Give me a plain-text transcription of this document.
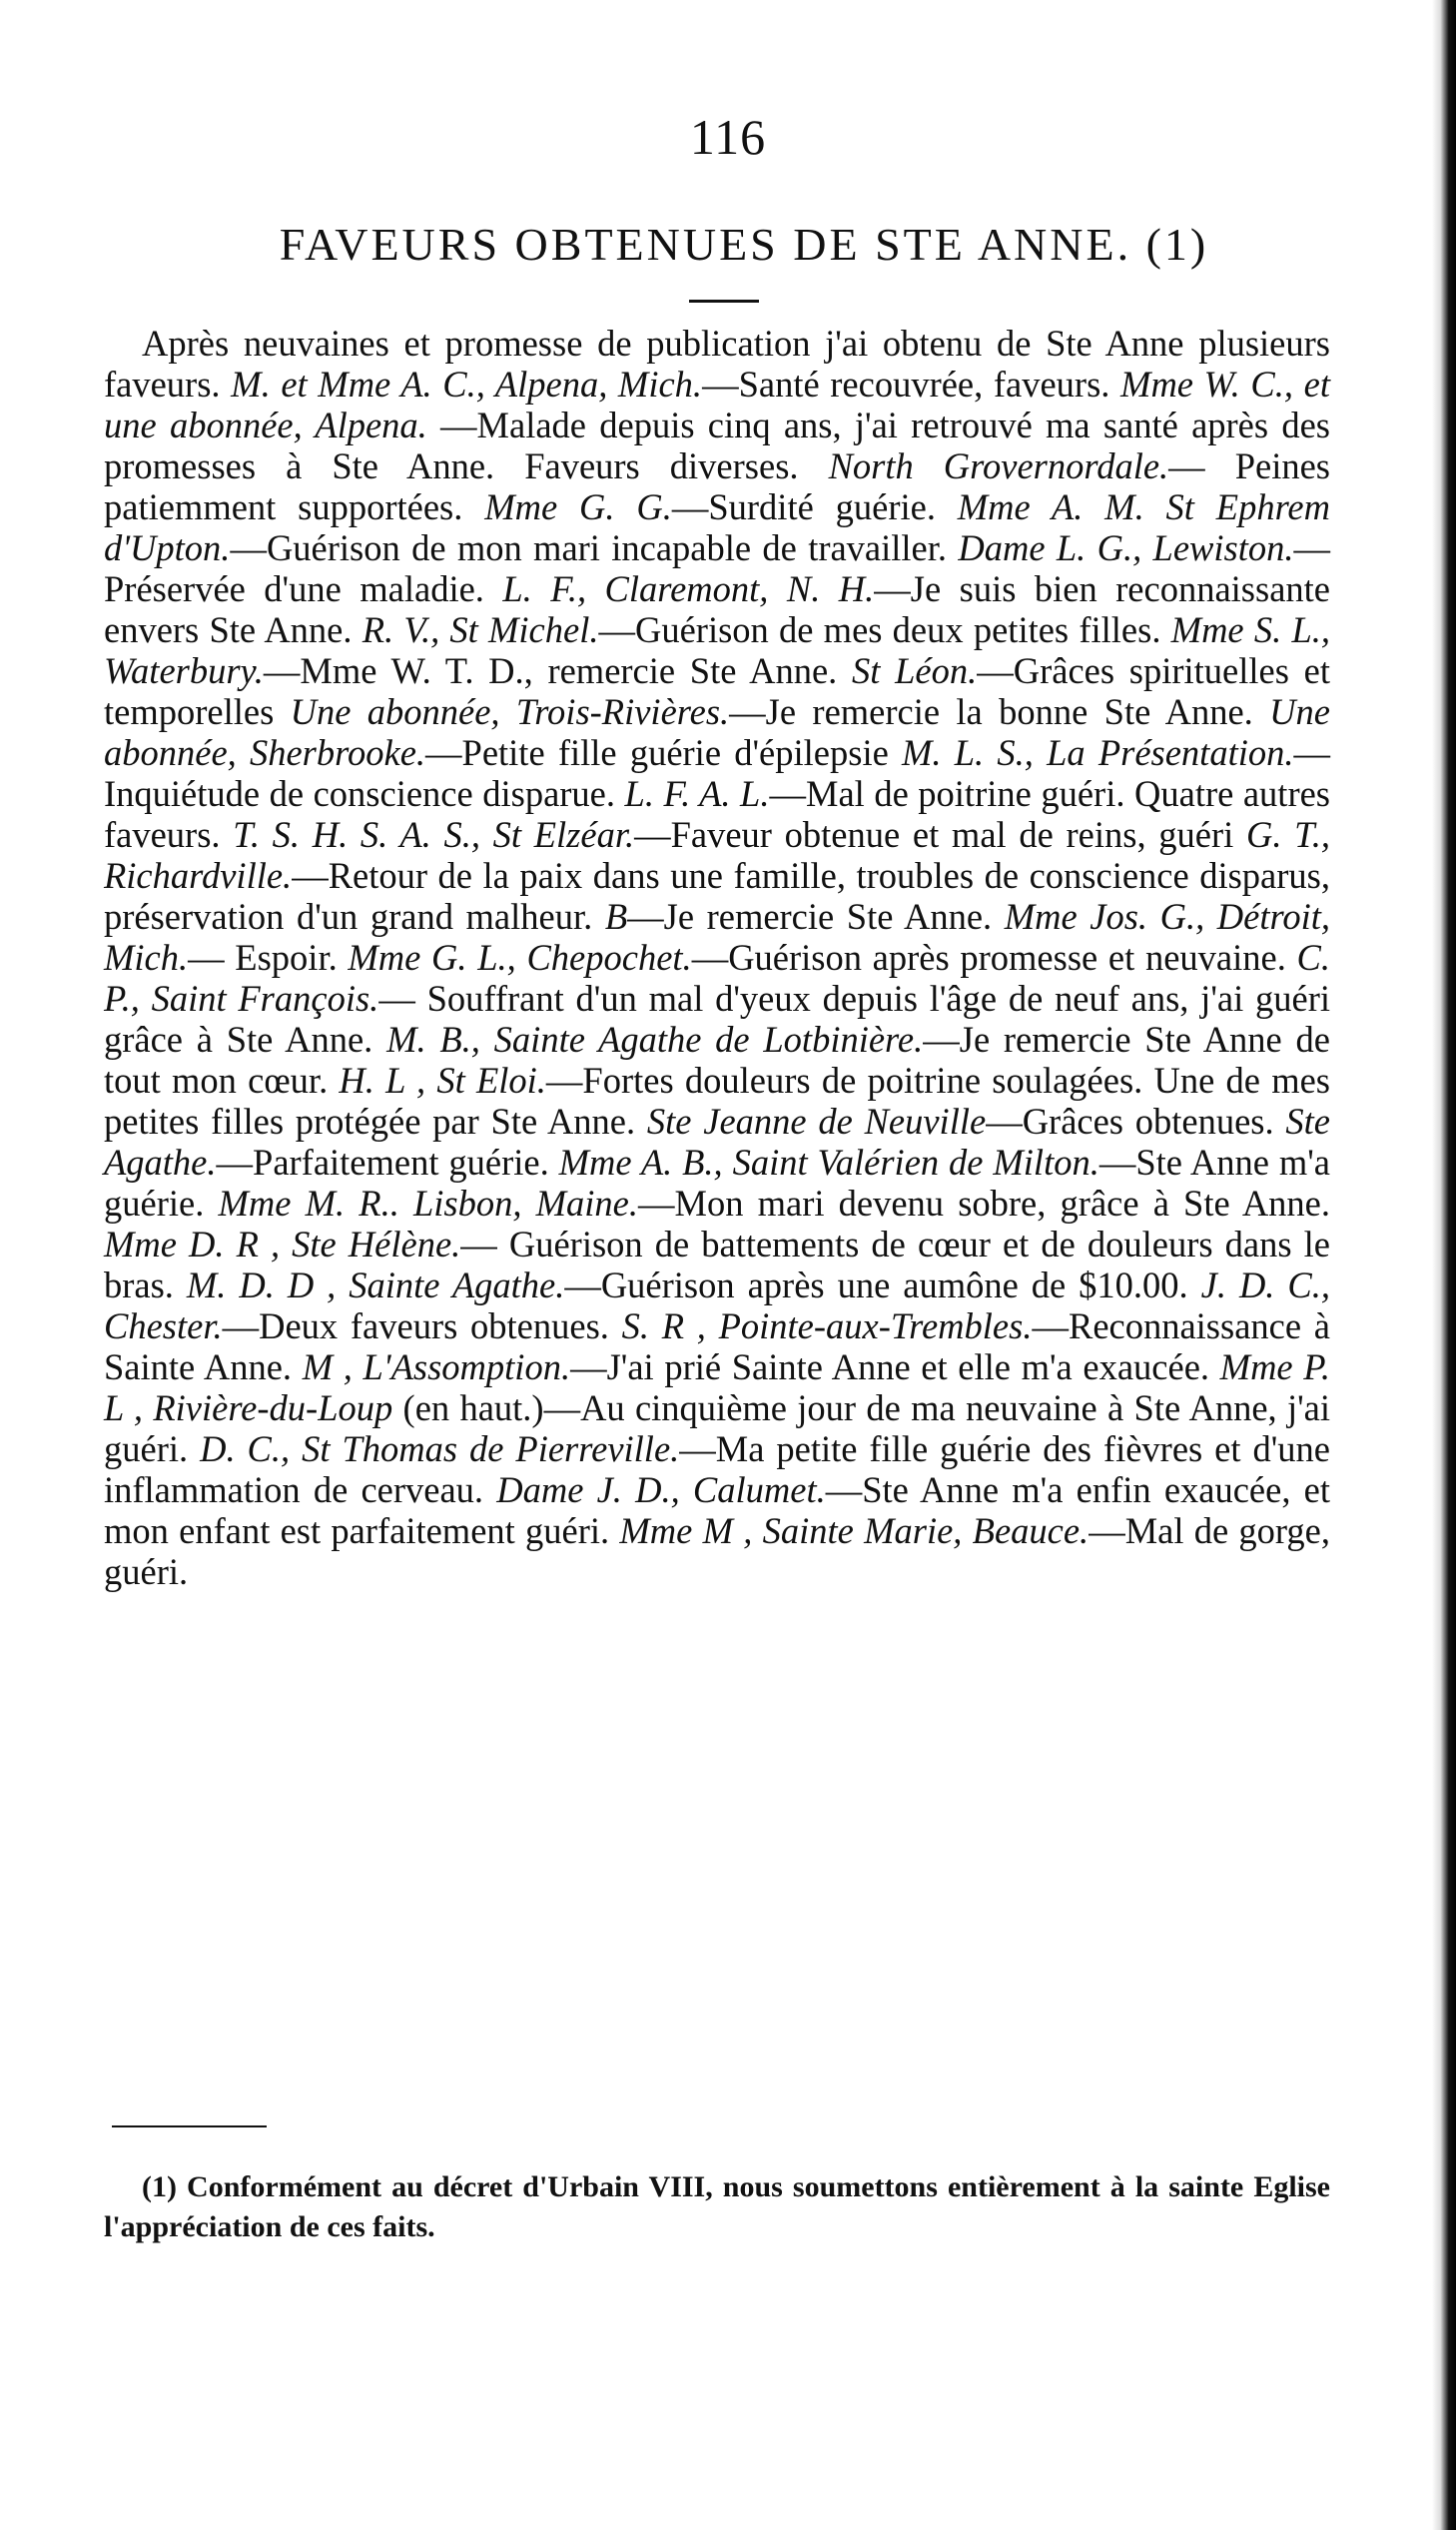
116
FAVEURS OBTENUES DE STE ANNE. (1)

Après neuvaines et promesse de publication j'ai obtenu de Ste Anne plusieurs faveurs. M. et Mme A. C., Alpena, Mich.—Santé recouvrée, faveurs. Mme W. C., et une abonnée, Alpena. —Malade depuis cinq ans, j'ai retrouvé ma santé après des promesses à Ste Anne. Faveurs diverses. North Grovernordale.— Peines patiemment supportées. Mme G. G.—Surdité guérie. Mme A. M. St Ephrem d'Upton.—Guérison de mon mari incapable de travailler. Dame L. G., Lewiston.—Préservée d'une maladie. L. F., Claremont, N. H.—Je suis bien reconnaissante envers Ste Anne. R. V., St Michel.—Guérison de mes deux petites filles. Mme S. L., Waterbury.—Mme W. T. D., remercie Ste Anne. St Léon.—Grâces spirituelles et temporelles Une abonnée, Trois-Rivières.—Je remercie la bonne Ste Anne. Une abonnée, Sherbrooke.—Petite fille guérie d'épilepsie M. L. S., La Présentation.—Inquiétude de conscience disparue. L. F. A. L.—Mal de poitrine guéri. Quatre autres faveurs. T. S. H. S. A. S., St Elzéar.—Faveur obtenue et mal de reins, guéri G. T., Richardville.—Retour de la paix dans une famille, troubles de conscience disparus, préservation d'un grand malheur. B—Je remercie Ste Anne. Mme Jos. G., Détroit, Mich.— Espoir. Mme G. L., Chepochet.—Guérison après promesse et neuvaine. C. P., Saint François.— Souffrant d'un mal d'yeux depuis l'âge de neuf ans, j'ai guéri grâce à Ste Anne. M. B., Sainte Agathe de Lotbinière.—Je remercie Ste Anne de tout mon cœur. H. L , St Eloi.—Fortes douleurs de poitrine soulagées. Une de mes petites filles protégée par Ste Anne. Ste Jeanne de Neuville—Grâces obtenues. Ste Agathe.—Parfaitement guérie. Mme A. B., Saint Valérien de Milton.—Ste Anne m'a guérie. Mme M. R.. Lisbon, Maine.—Mon mari devenu sobre, grâce à Ste Anne. Mme D. R , Ste Hélène.— Guérison de battements de cœur et de douleurs dans le bras. M. D. D , Sainte Agathe.—Guérison après une aumône de $10.00. J. D. C., Chester.—Deux faveurs obtenues. S. R , Pointe-aux-Trembles.—Reconnaissance à Sainte Anne. M , L'Assomption.—J'ai prié Sainte Anne et elle m'a exaucée. Mme P. L , Rivière-du-Loup (en haut.)—Au cinquième jour de ma neuvaine à Ste Anne, j'ai guéri. D. C., St Thomas de Pierreville.—Ma petite fille guérie des fièvres et d'une inflammation de cerveau. Dame J. D., Calumet.—Ste Anne m'a enfin exaucée, et mon enfant est parfaitement guéri. Mme M , Sainte Marie, Beauce.—Mal de gorge, guéri.

(1) Conformément au décret d'Urbain VIII, nous soumettons entièrement à la sainte Eglise l'appréciation de ces faits.
